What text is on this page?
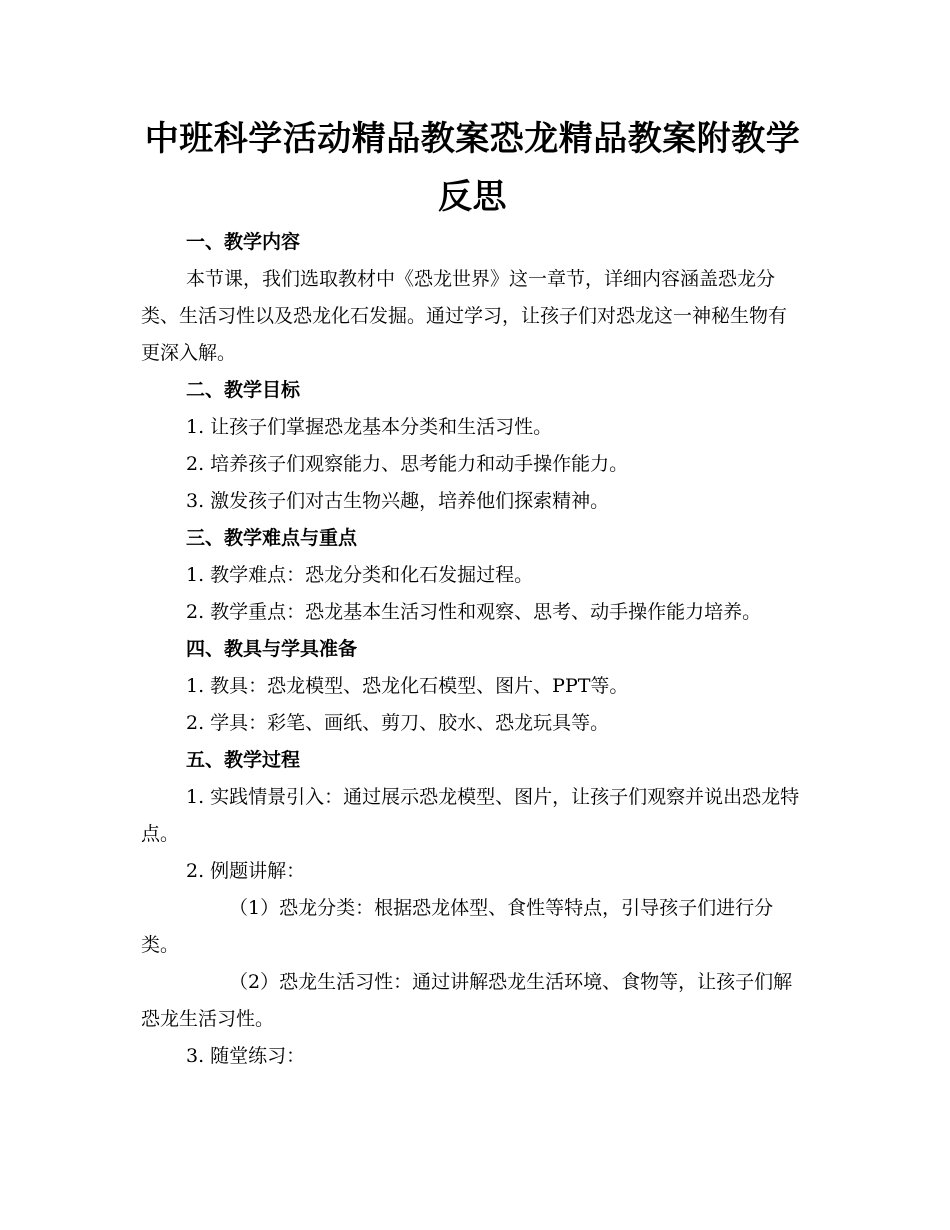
中班科学活动精品教案恐龙精品教案附教学反思

一、教学内容

本节课，我们选取教材中《恐龙世界》这一章节，详细内容涵盖恐龙分类、生活习性以及恐龙化石发掘。通过学习，让孩子们对恐龙这一神秘生物有更深入解。

二、教学目标

1. 让孩子们掌握恐龙基本分类和生活习性。

2. 培养孩子们观察能力、思考能力和动手操作能力。

3. 激发孩子们对古生物兴趣，培养他们探索精神。

三、教学难点与重点

1. 教学难点：恐龙分类和化石发掘过程。

2. 教学重点：恐龙基本生活习性和观察、思考、动手操作能力培养。

四、教具与学具准备

1. 教具：恐龙模型、恐龙化石模型、图片、PPT等。

2. 学具：彩笔、画纸、剪刀、胶水、恐龙玩具等。

五、教学过程

1. 实践情景引入：通过展示恐龙模型、图片，让孩子们观察并说出恐龙特点。

2. 例题讲解：

（1）恐龙分类：根据恐龙体型、食性等特点，引导孩子们进行分类。

（2）恐龙生活习性：通过讲解恐龙生活环境、食物等，让孩子们解恐龙生活习性。

3. 随堂练习：
